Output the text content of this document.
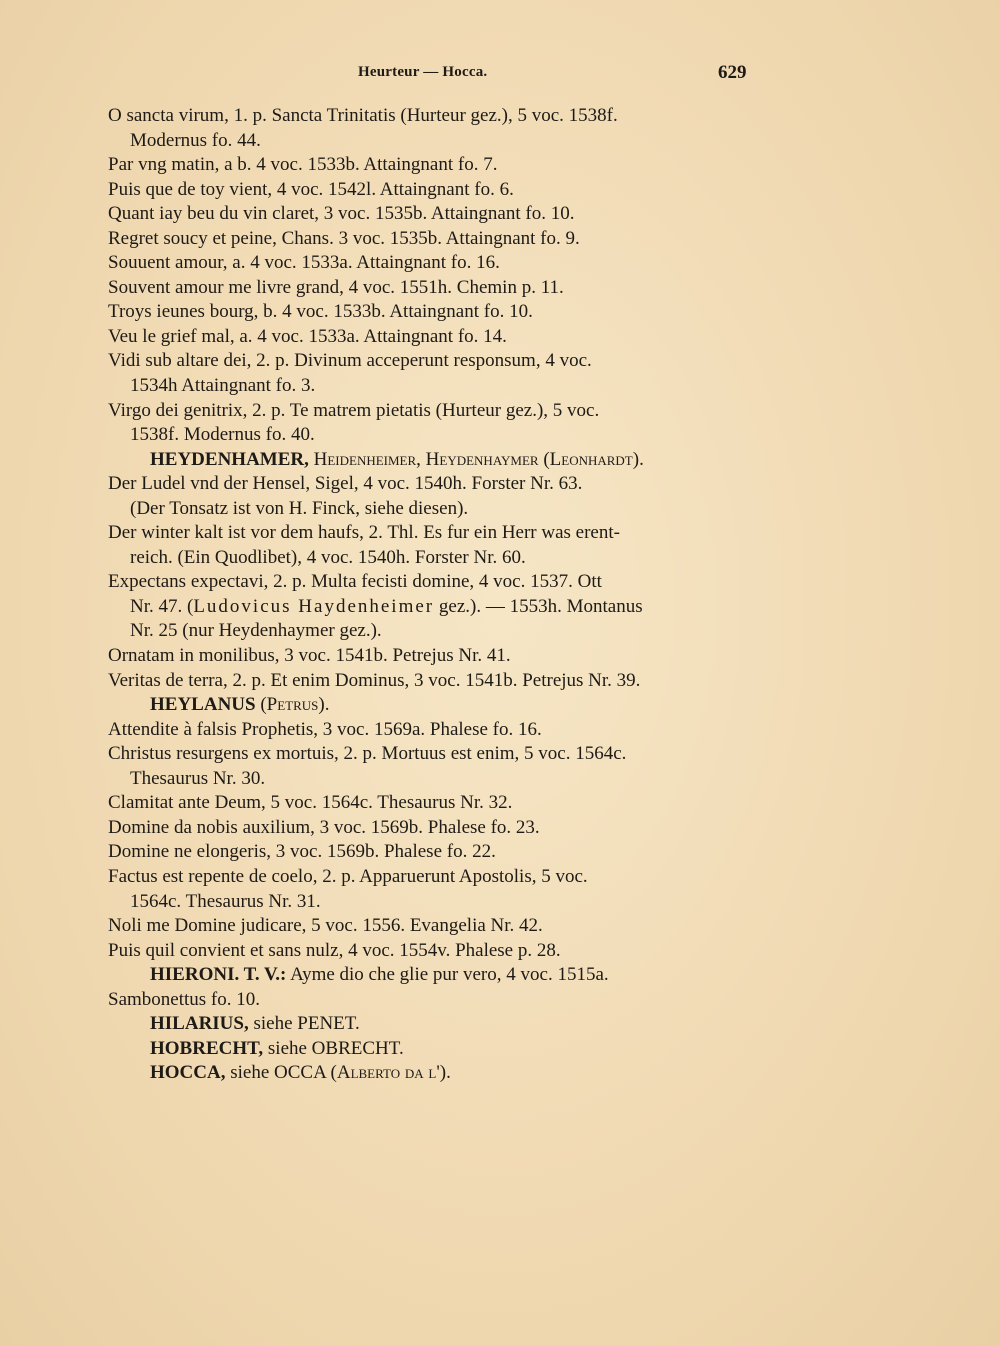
Heurteur — Hocca.	629
O sancta virum, 1. p. Sancta Trinitatis (Hurteur gez.), 5 voc. 1538f.
Modernus fo. 44.
Par vng matin, a b. 4 voc. 1533b. Attaingnant fo. 7.
Puis que de toy vient, 4 voc. 1542l. Attaingnant fo. 6.
Quant iay beu du vin claret, 3 voc. 1535b. Attaingnant fo. 10.
Regret soucy et peine, Chans. 3 voc. 1535b. Attaingnant fo. 9.
Souuent amour, a. 4 voc. 1533a. Attaingnant fo. 16.
Souvent amour me livre grand, 4 voc. 1551h. Chemin p. 11.
Troys ieunes bourg, b. 4 voc. 1533b. Attaingnant fo. 10.
Veu le grief mal, a. 4 voc. 1533a. Attaingnant fo. 14.
Vidi sub altare dei, 2. p. Divinum acceperunt responsum, 4 voc.
1534h Attaingnant fo. 3.
Virgo dei genitrix, 2. p. Te matrem pietatis (Hurteur gez.), 5 voc.
1538f. Modernus fo. 40.
HEYDENHAMER, Heidenheimer, Heydenhaymer (Leonhardt).
Der Ludel vnd der Hensel, Sigel, 4 voc. 1540h. Forster Nr. 63.
(Der Tonsatz ist von H. Finck, siehe diesen).
Der winter kalt ist vor dem haufs, 2. Thl. Es fur ein Herr was erent-
reich. (Ein Quodlibet), 4 voc. 1540h. Forster Nr. 60.
Expectans expectavi, 2. p. Multa fecisti domine, 4 voc. 1537. Ott
Nr. 47. (Ludovicus Haydenheimer gez.). — 1553h. Montanus
Nr. 25 (nur Heydenhaymer gez.).
Ornatam in monilibus, 3 voc. 1541b. Petrejus Nr. 41.
Veritas de terra, 2. p. Et enim Dominus, 3 voc. 1541b. Petrejus Nr. 39.
HEYLANUS (Petrus).
Attendite à falsis Prophetis, 3 voc. 1569a. Phalese fo. 16.
Christus resurgens ex mortuis, 2. p. Mortuus est enim, 5 voc. 1564c.
Thesaurus Nr. 30.
Clamitat ante Deum, 5 voc. 1564c. Thesaurus Nr. 32.
Domine da nobis auxilium, 3 voc. 1569b. Phalese fo. 23.
Domine ne elongeris, 3 voc. 1569b. Phalese fo. 22.
Factus est repente de coelo, 2. p. Apparuerunt Apostolis, 5 voc.
1564c. Thesaurus Nr. 31.
Noli me Domine judicare, 5 voc. 1556. Evangelia Nr. 42.
Puis quil convient et sans nulz, 4 voc. 1554v. Phalese p. 28.
HIERONI. T. V.: Ayme dio che glie pur vero, 4 voc. 1515a.
Sambonettus fo. 10.
HILARIUS, siehe PENET.
HOBRECHT, siehe OBRECHT.
HOCCA, siehe OCCA (Alberto da l').
